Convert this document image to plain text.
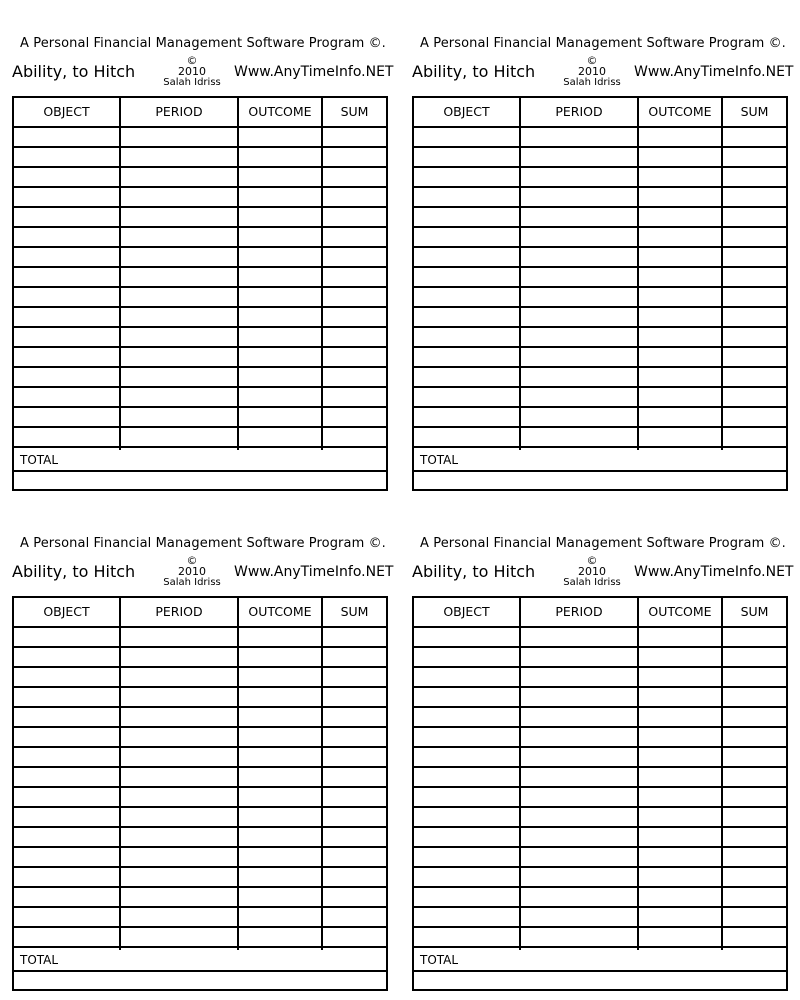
A Personal Financial Management Software Program ©.
Ability, to Hitch
©
2010
Salah Idriss
Www.AnyTimeInfo.NET
OBJECT	PERIOD	OUTCOME	SUM
TOTAL
A Personal Financial Management Software Program ©.
Ability, to Hitch
©
2010
Salah Idriss
Www.AnyTimeInfo.NET
OBJECT	PERIOD	OUTCOME	SUM
TOTAL
A Personal Financial Management Software Program ©.
Ability, to Hitch
©
2010
Salah Idriss
Www.AnyTimeInfo.NET
OBJECT	PERIOD	OUTCOME	SUM
TOTAL
A Personal Financial Management Software Program ©.
Ability, to Hitch
©
2010
Salah Idriss
Www.AnyTimeInfo.NET
OBJECT	PERIOD	OUTCOME	SUM
TOTAL
